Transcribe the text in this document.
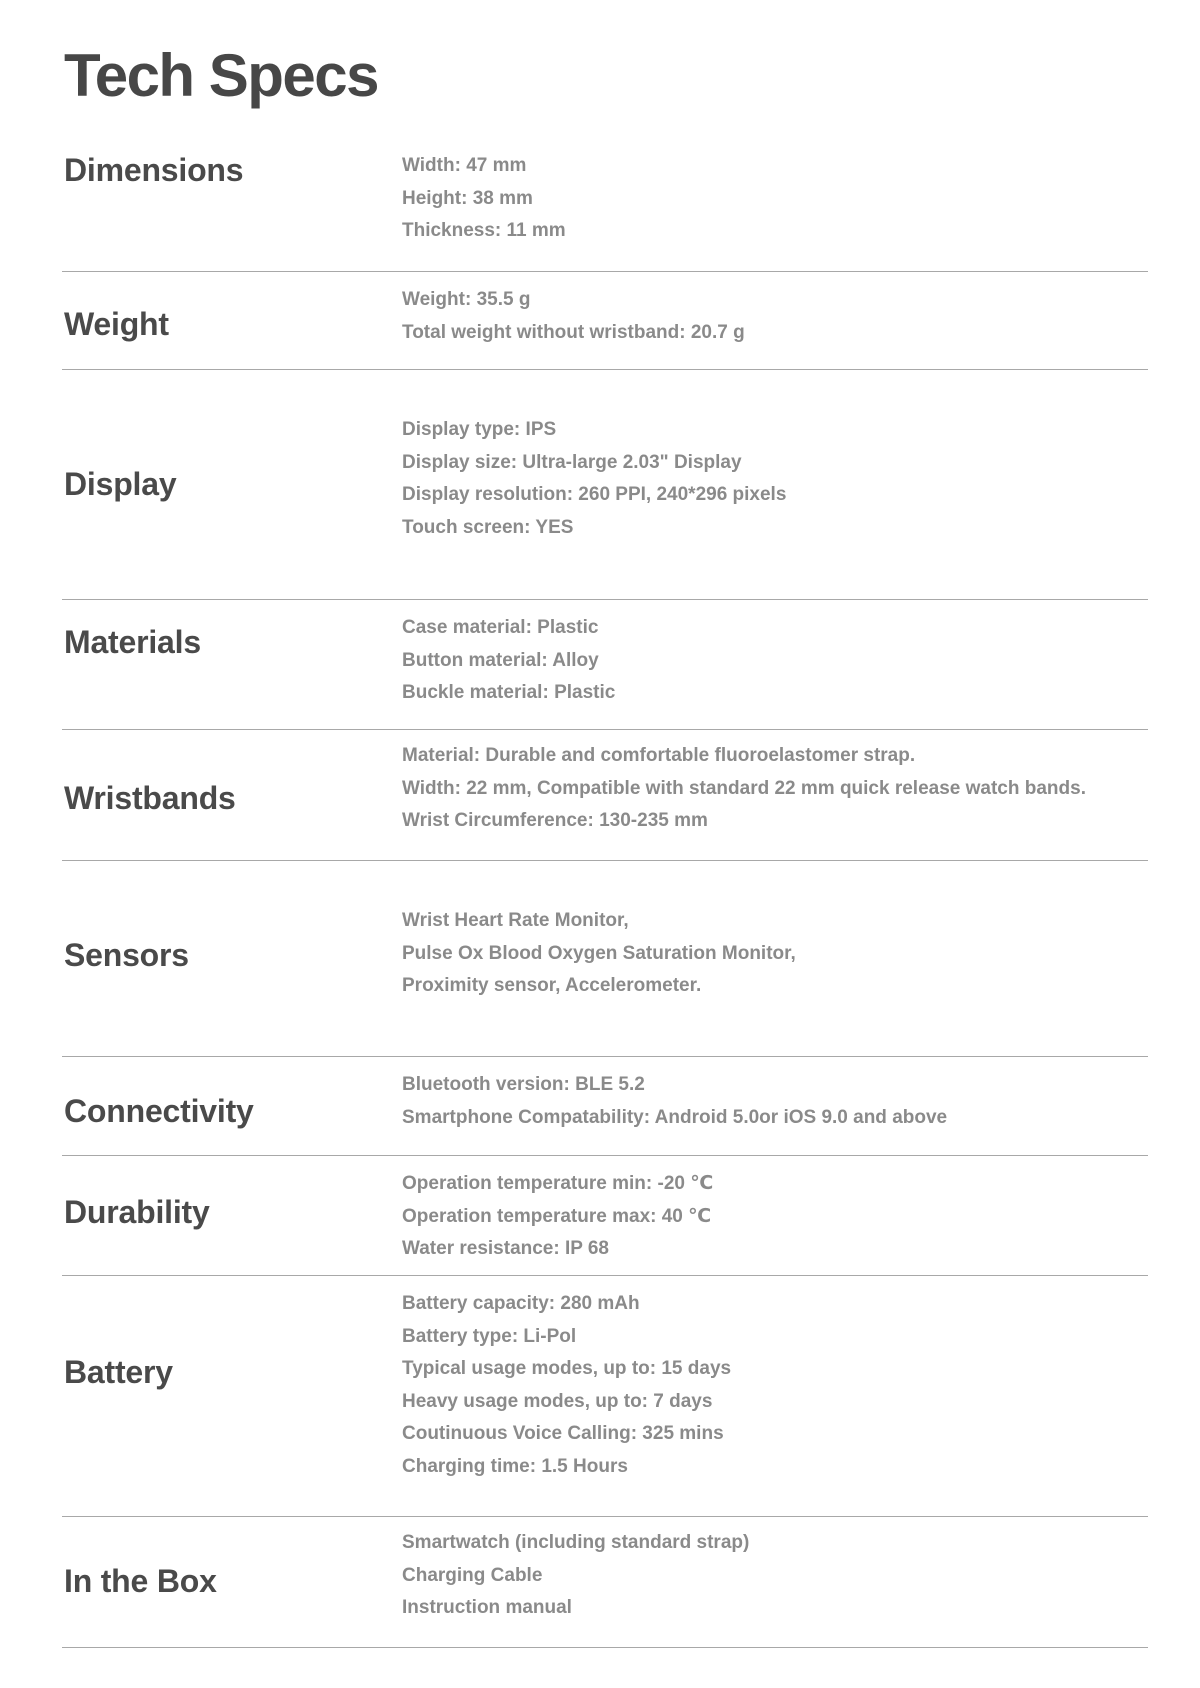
Tech Specs
Dimensions	Width: 47 mm
Height: 38 mm
Thickness: 11 mm
Weight
Weight: 35.5 g
Total weight without wristband: 20.7 g
Display
Display type: IPS
Display size: Ultra-large 2.03" Display
Display resolution: 260 PPI, 240*296 pixels
Touch screen: YES
Materials	Case material: Plastic
Button material: Alloy
Buckle material: Plastic
Wristbands
Material: Durable and comfortable fluoroelastomer strap.
Width: 22 mm, Compatible with standard 22 mm quick release watch bands.
Wrist Circumference: 130-235 mm
Sensors
Wrist Heart Rate Monitor,
Pulse Ox Blood Oxygen Saturation Monitor,
Proximity sensor, Accelerometer.
Connectivity
Bluetooth version: BLE 5.2
Smartphone Compatability: Android 5.0or iOS 9.0 and above
Durability
Operation temperature min: -20 ℃
Operation temperature max: 40 ℃
Water resistance: IP 68
Battery
Battery capacity: 280 mAh
Battery type: Li-Pol
Typical usage modes, up to: 15 days
Heavy usage modes, up to: 7 days
Coutinuous Voice Calling: 325 mins
Charging time: 1.5 Hours
In the Box
Smartwatch (including standard strap)
Charging Cable
Instruction manual
